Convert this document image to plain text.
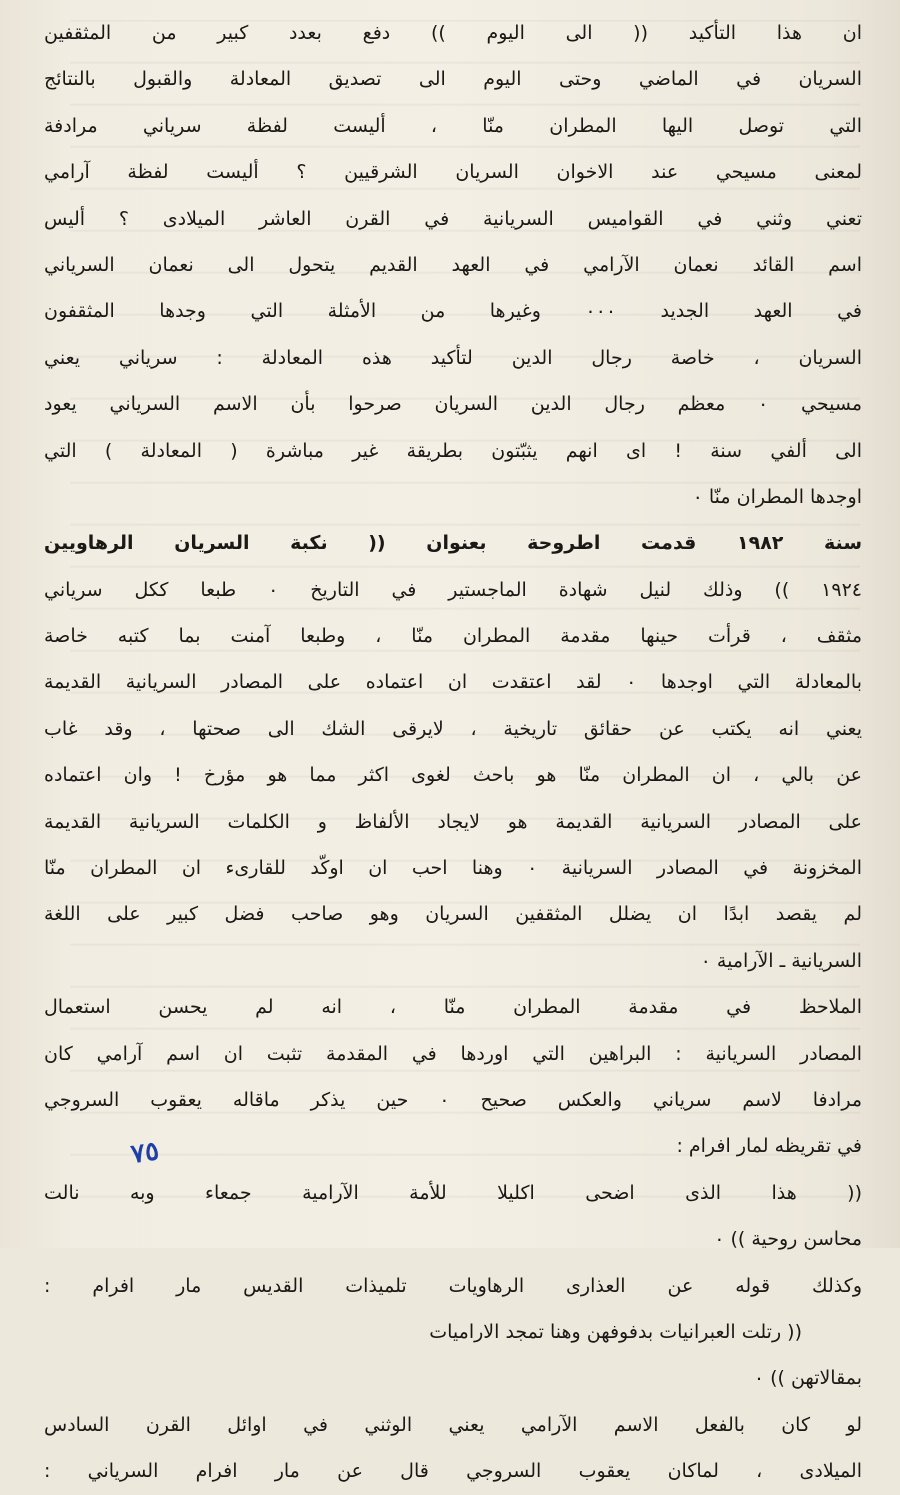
ان هذا التأكيد (( الى اليوم )) دفع بعدد كبير من المثقفين
السريان في الماضي وحتى اليوم الى تصديق المعادلة والقبول بالنتائج
التي توصل اليها المطران منّا ، أليست لفظة سرياني مرادفة
لمعنى مسيحي عند الاخوان السريان الشرقيين ؟ أليست لفظة آرامي
تعني وثني في القواميس السريانية في القرن العاشر الميلادى ؟ أليس
اسم القائد نعمان الآرامي في العهد القديم يتحول الى نعمان السرياني
في العهد الجديد ٠٠٠ وغيرها من الأمثلة التي وجدها المثقفون
السريان ، خاصة رجال الدين لتأكيد هذه المعادلة : سرياني يعني
مسيحي ٠ معظم رجال الدين السريان صرحوا بأن الاسم السرياني يعود
الى ألفي سنة ! اى انهم يثبّتون بطريقة غير مباشرة ( المعادلة ) التي
اوجدها المطران منّا ٠
سنة ١٩٨٢ قدمت اطروحة بعنوان (( نكبة السريان الرهاويين
١٩٢٤ )) وذلك لنيل شهادة الماجستير في التاريخ ٠ طبعا ككل سرياني
مثقف ، قرأت حينها مقدمة المطران منّا ، وطبعا آمنت بما كتبه خاصة
بالمعادلة التي اوجدها ٠ لقد اعتقدت ان اعتماده على المصادر السريانية القديمة
يعني انه يكتب عن حقائق تاريخية ، لايرقى الشك الى صحتها ، وقد غاب
عن بالي ، ان المطران منّا هو باحث لغوى اكثر مما هو مؤرخ ! وان اعتماده
على المصادر السريانية القديمة هو لايجاد الألفاظ و الكلمات السريانية القديمة
المخزونة في المصادر السريانية ٠ وهنا احب ان اوكّد للقارىء ان المطران منّا
لم يقصد ابدًا ان يضلل المثقفين السريان وهو صاحب فضل كبير على اللغة
السريانية ـ الآرامية ٠
الملاحظ في مقدمة المطران منّا ، انه لم يحسن استعمال
المصادر السريانية : البراهين التي اوردها في المقدمة تثبت ان اسم آرامي كان
مرادفا لاسم سرياني والعكس صحيح ٠ حين يذكر ماقاله يعقوب السروجي
في تقريظه لمار افرام :
(( هذا الذى اضحى اكليلا للأمة الآرامية جمعاء وبه نالت
محاسن روحية )) ٠
وكذلك قوله عن العذارى الرهاويات تلميذات القديس مار افرام :
(( رتلت العبرانيات بدفوفهن وهنا تمجد الاراميات
بمقالاتهن )) ٠
لو كان بالفعل الاسم الآرامي يعني الوثني في اوائل القرن السادس
الميلادى ، لماكان يعقوب السروجي قال عن مار افرام السرياني :
٧٥
